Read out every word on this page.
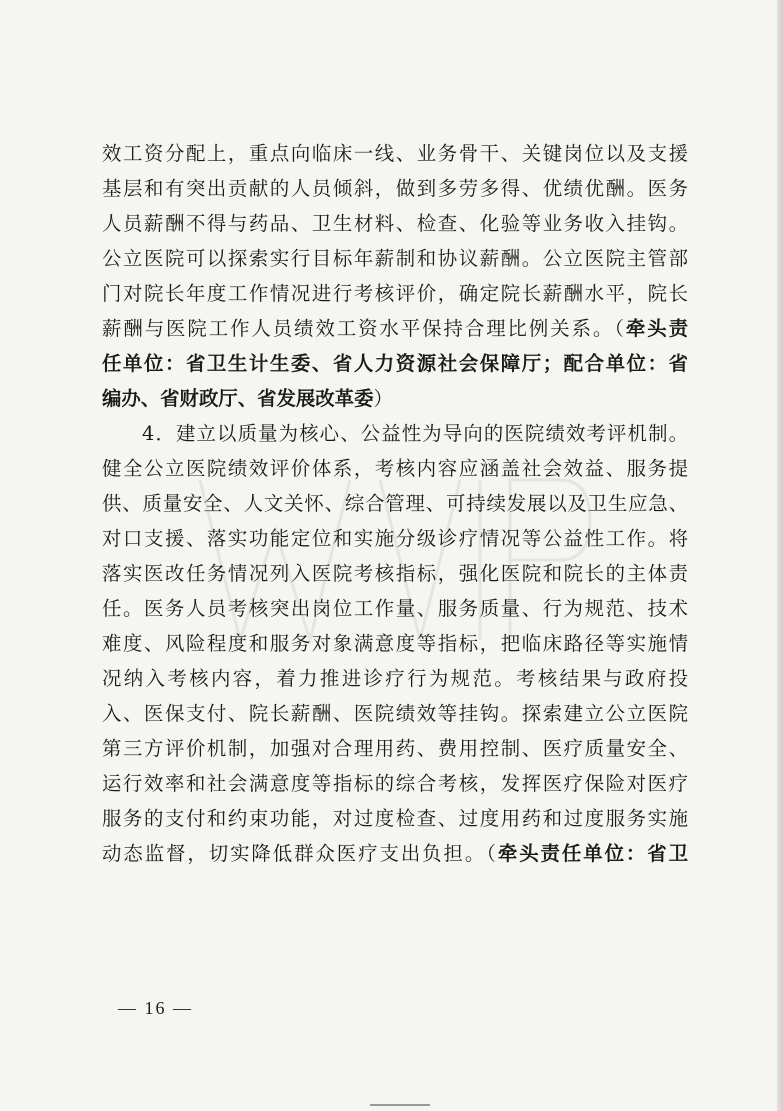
效工资分配上，重点向临床一线、业务骨干、关键岗位以及支援
基层和有突出贡献的人员倾斜，做到多劳多得、优绩优酬。医务
人员薪酬不得与药品、卫生材料、检查、化验等业务收入挂钩。
公立医院可以探索实行目标年薪制和协议薪酬。公立医院主管部
门对院长年度工作情况进行考核评价，确定院长薪酬水平，院长
薪酬与医院工作人员绩效工资水平保持合理比例关系。（牵头责
任单位：省卫生计生委、省人力资源社会保障厅；配合单位：省
编办、省财政厅、省发展改革委）
4．建立以质量为核心、公益性为导向的医院绩效考评机制。
健全公立医院绩效评价体系，考核内容应涵盖社会效益、服务提
供、质量安全、人文关怀、综合管理、可持续发展以及卫生应急、
对口支援、落实功能定位和实施分级诊疗情况等公益性工作。将
落实医改任务情况列入医院考核指标，强化医院和院长的主体责
任。医务人员考核突出岗位工作量、服务质量、行为规范、技术
难度、风险程度和服务对象满意度等指标，把临床路径等实施情
况纳入考核内容，着力推进诊疗行为规范。考核结果与政府投
入、医保支付、院长薪酬、医院绩效等挂钩。探索建立公立医院
第三方评价机制，加强对合理用药、费用控制、医疗质量安全、
运行效率和社会满意度等指标的综合考核，发挥医疗保险对医疗
服务的支付和约束功能，对过度检查、过度用药和过度服务实施
动态监督，切实降低群众医疗支出负担。（牵头责任单位：省卫
— 16 —
